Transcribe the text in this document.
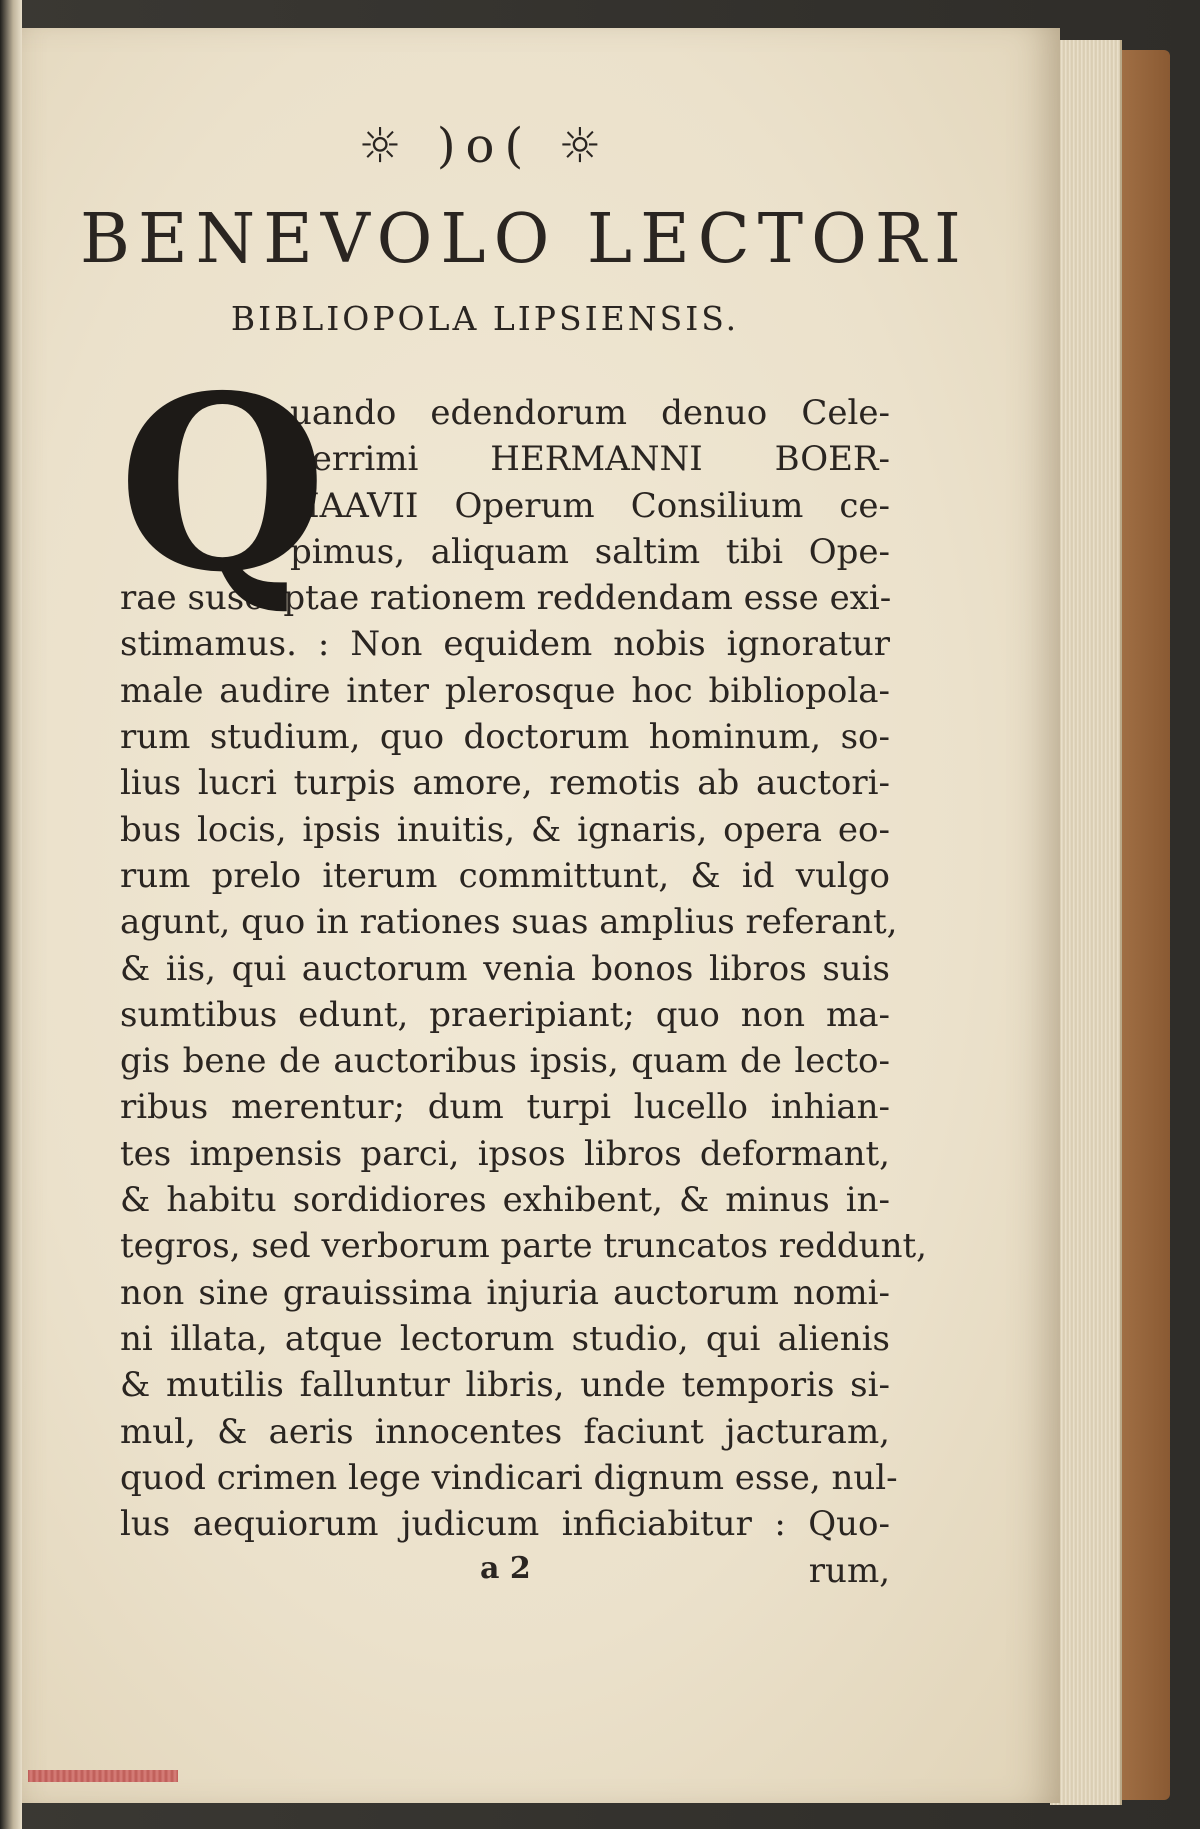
☼ )o( ☼
BENEVOLO LECTORI
BIBLIOPOLA LIPSIENSIS.
Q
uando edendorum denuo Cele-
berrimi HERMANNI BOER-
HAAVII Operum Consilium ce-
pimus, aliquam saltim tibi Ope-
rae susceptae rationem reddendam esse exi-
stimamus. : Non equidem nobis ignoratur
male audire inter plerosque hoc bibliopola-
rum studium, quo doctorum hominum, so-
lius lucri turpis amore, remotis ab auctori-
bus locis, ipsis inuitis, & ignaris, opera eo-
rum prelo iterum committunt, & id vulgo
agunt, quo in rationes suas amplius referant,
& iis, qui auctorum venia bonos libros suis
sumtibus edunt, praeripiant; quo non ma-
gis bene de auctoribus ipsis, quam de lecto-
ribus merentur; dum turpi lucello inhian-
tes impensis parci, ipsos libros deformant,
& habitu sordidiores exhibent, & minus in-
tegros, sed verborum parte truncatos reddunt,
non sine grauissima injuria auctorum nomi-
ni illata, atque lectorum studio, qui alienis
& mutilis falluntur libris, unde temporis si-
mul, & aeris innocentes faciunt jacturam,
quod crimen lege vindicari dignum esse, nul-
lus aequiorum judicum inficiabitur : Quo-
a 2	rum,
